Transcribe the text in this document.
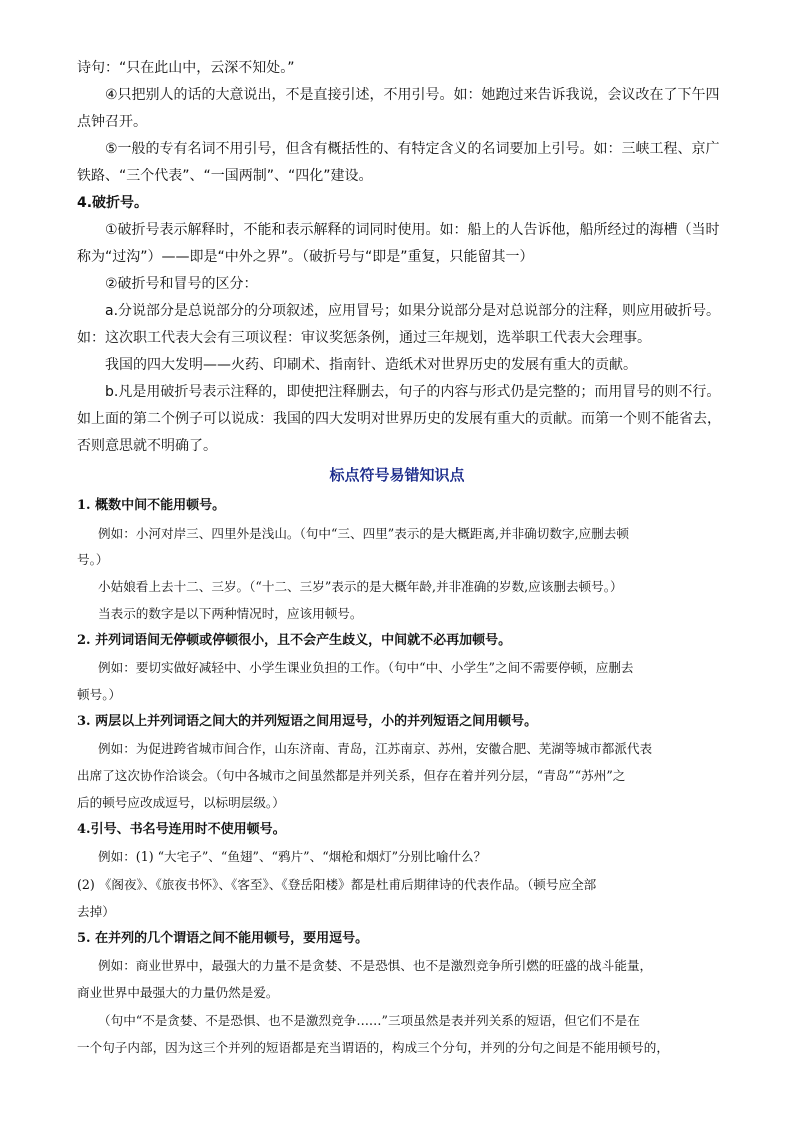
诗句：“只在此山中，云深不知处。”
④只把别人的话的大意说出，不是直接引述，不用引号。如：她跑过来告诉我说，会议改在了下午四
点钟召开。
⑤一般的专有名词不用引号，但含有概括性的、有特定含义的名词要加上引号。如：三峡工程、京广
铁路、“三个代表”、“一国两制”、“四化”建设。
4.破折号。
①破折号表示解释时，不能和表示解释的词同时使用。如：船上的人告诉他，船所经过的海槽（当时
称为“过沟”）——即是“中外之界”。（破折号与“即是”重复，只能留其一）
②破折号和冒号的区分：
a.分说部分是总说部分的分项叙述，应用冒号；如果分说部分是对总说部分的注释，则应用破折号。
如：这次职工代表大会有三项议程：审议奖惩条例，通过三年规划，选举职工代表大会理事。
我国的四大发明——火药、印刷术、指南针、造纸术对世界历史的发展有重大的贡献。
b.凡是用破折号表示注释的，即使把注释删去，句子的内容与形式仍是完整的；而用冒号的则不行。
如上面的第二个例子可以说成：我国的四大发明对世界历史的发展有重大的贡献。而第一个则不能省去，
否则意思就不明确了。
标点符号易错知识点
1. 概数中间不能用顿号。
例如：小河对岸三、四里外是浅山。（句中“三、四里”表示的是大概距离,并非确切数字,应删去顿
号。）
小姑娘看上去十二、三岁。（“十二、三岁”表示的是大概年龄,并非准确的岁数,应该删去顿号。）
当表示的数字是以下两种情况时，应该用顿号。
2. 并列词语间无停顿或停顿很小，且不会产生歧义，中间就不必再加顿号。
例如：要切实做好减轻中、小学生课业负担的工作。（句中“中、小学生”之间不需要停顿，应删去
顿号。）
3. 两层以上并列词语之间大的并列短语之间用逗号，小的并列短语之间用顿号。
例如：为促进跨省城市间合作，山东济南、青岛，江苏南京、苏州，安徽合肥、芜湖等城市都派代表
出席了这次协作洽谈会。（句中各城市之间虽然都是并列关系，但存在着并列分层，“青岛”“苏州”之
后的顿号应改成逗号，以标明层级。）
4.引号、书名号连用时不使用顿号。
例如：(1) “大宅子”、“鱼翅”、“鸦片”、“烟枪和烟灯”分别比喻什么？
(2) 《阁夜》、《旅夜书怀》、《客至》、《登岳阳楼》都是杜甫后期律诗的代表作品。（顿号应全部
去掉）
5. 在并列的几个谓语之间不能用顿号，要用逗号。
例如：商业世界中，最强大的力量不是贪婪、不是恐惧、也不是激烈竞争所引燃的旺盛的战斗能量，
商业世界中最强大的力量仍然是爱。
（句中“不是贪婪、不是恐惧、也不是激烈竞争……”三项虽然是表并列关系的短语，但它们不是在
一个句子内部，因为这三个并列的短语都是充当谓语的，构成三个分句，并列的分句之间是不能用顿号的，
